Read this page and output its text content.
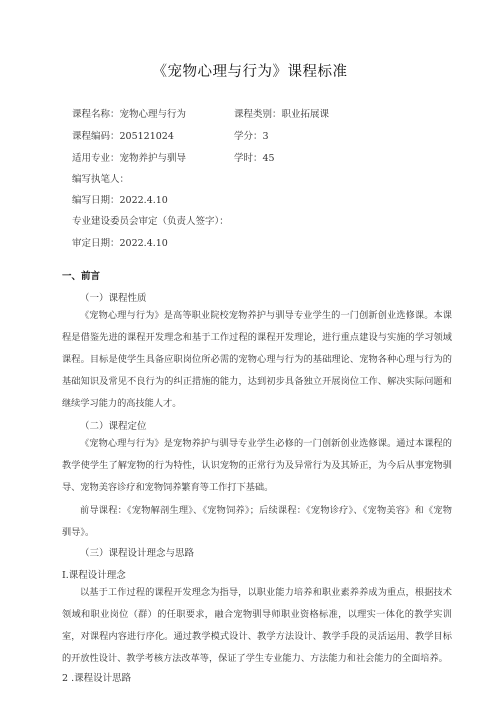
《宠物心理与行为》课程标准
课程名称：宠物心理与行为	课程类别：职业拓展课
课程编码：205121024	学分：3
适用专业：宠物养护与驯导	学时：45
编写执笔人：
编写日期：2022.4.10
专业建设委员会审定（负责人签字）：
审定日期：2022.4.10
一、前言
（一）课程性质

《宠物心理与行为》是高等职业院校宠物养护与驯导专业学生的一门创新创业选修课。本课程是借鉴先进的课程开发理念和基于工作过程的课程开发理论，进行重点建设与实施的学习领域课程。目标是使学生具备应职岗位所必需的宠物心理与行为的基础理论、宠物各种心理与行为的基础知识及常见不良行为的纠正措施的能力，达到初步具备独立开展岗位工作、解决实际问题和继续学习能力的高技能人才。

（二）课程定位

《宠物心理与行为》是宠物养护与驯导专业学生必修的一门创新创业选修课。通过本课程的教学使学生了解宠物的行为特性，认识宠物的正常行为及异常行为及其矫正，为今后从事宠物驯导、宠物美容诊疗和宠物饲养繁育等工作打下基础。

前导课程：《宠物解剖生理》、《宠物饲养》；后续课程：《宠物诊疗》、《宠物美容》和《宠物驯导》。

（三）课程设计理念与思路
I.课程设计理念

以基于工作过程的课程开发理念为指导，以职业能力培养和职业素养养成为重点，根据技术领域和职业岗位（群）的任职要求，融合宠物驯导师职业资格标准，以理实一体化的教学实训室，对课程内容进行序化。通过教学模式设计、教学方法设计、教学手段的灵活运用、教学目标的开放性设计、教学考核方法改革等，保证了学生专业能力、方法能力和社会能力的全面培养。

2 .课程设计思路
